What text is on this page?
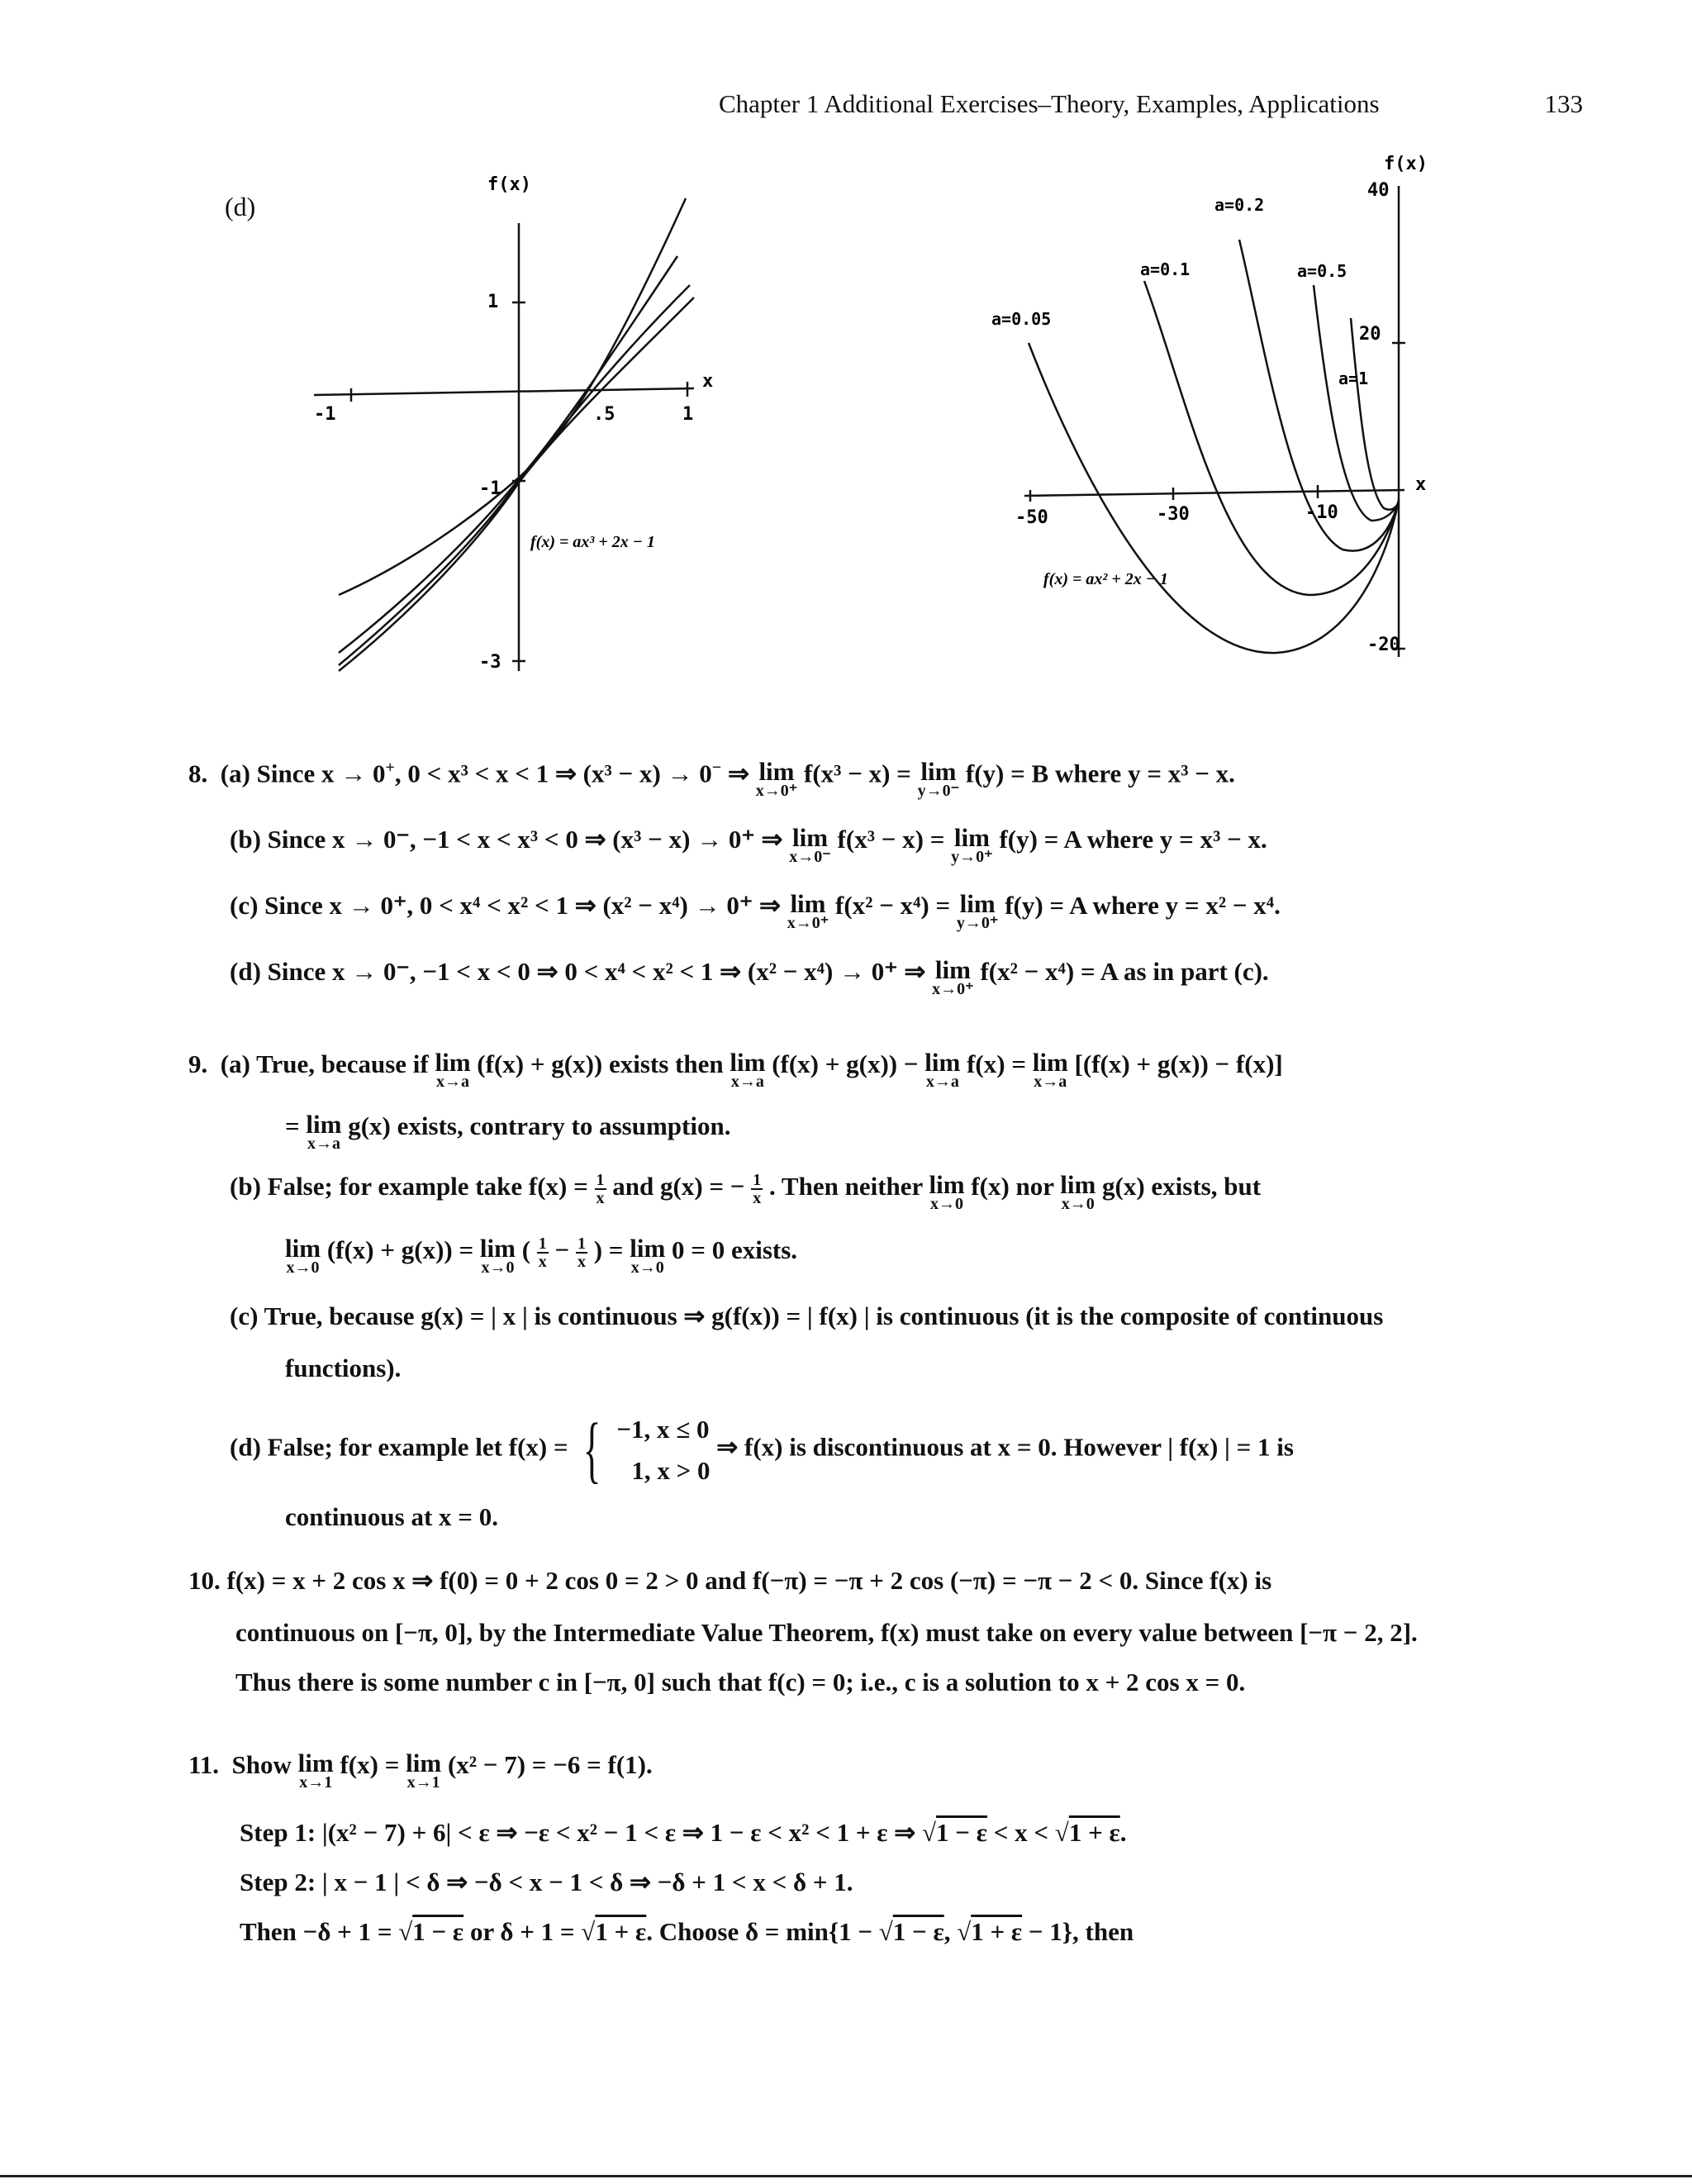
Chapter 1 Additional Exercises–Theory, Examples, Applications	133
(d)
f(x)
x
-1	.5	1
1
-1
-3
f(x) = ax³ + 2x − 1
f(x)
x
-50	-30	-10
40
20
-20
a=0.05
a=0.1
a=0.2
a=0.5
a=1
f(x) = ax² + 2x − 1
8. (a) Since x → 0+, 0 < x³ < x < 1 ⇒ (x³ − x) → 0− ⇒ lim
x→0⁺
f(x³ − x) = lim
y→0⁻
f(y) = B where y = x³ − x.
(b) Since x → 0⁻, −1 < x < x³ < 0 ⇒ (x³ − x) → 0⁺ ⇒ lim
x→0⁻
f(x³ − x) = lim
y→0⁺
f(y) = A where y = x³ − x.
(c) Since x → 0⁺, 0 < x⁴ < x² < 1 ⇒ (x² − x⁴) → 0⁺ ⇒ lim
x→0⁺
f(x² − x⁴) = lim
y→0⁺
f(y) = A where y = x² − x⁴.
(d) Since x → 0⁻, −1 < x < 0 ⇒ 0 < x⁴ < x² < 1 ⇒ (x² − x⁴) → 0⁺ ⇒ lim
x→0⁺
f(x² − x⁴) = A as in part (c).
9. (a) True, because if lim
x→a
(f(x) + g(x)) exists then lim
x→a
(f(x) + g(x)) − lim
x→a
f(x) = lim
x→a
[(f(x) + g(x)) − f(x)]
= lim
x→a
g(x) exists, contrary to assumption.
(b) False; for example take $f(x) = \frac{1}{x}$ and g(x) = − $\frac{1}{x}$ . Then neither lim
x→0
f(x) nor lim
x→0
g(x) exists, but
lim
x→0
(f(x) + g(x)) = lim
x→0
( $\frac{1}{x} - \frac{1}{x}$ ) = lim
x→0
0 = 0 exists.
(c) True, because g(x) = | x | is continuous ⇒ g(f(x)) = | f(x) | is continuous (it is the composite of continuous
functions).
(d) False; for example let f(x) = { −1, x ≤ 0
1, x > 0
⇒ f(x) is discontinuous at x = 0. However | f(x) | = 1 is
continuous at x = 0.
10. f(x) = x + 2 cos x ⇒ f(0) = 0 + 2 cos 0 = 2 > 0 and f(−π) = −π + 2 cos (−π) = −π − 2 < 0. Since f(x) is
continuous on [−π, 0], by the Intermediate Value Theorem, f(x) must take on every value between [−π − 2, 2].
Thus there is some number c in [−π, 0] such that f(c) = 0; i.e., c is a solution to x + 2 cos x = 0.
11. Show lim
x→1
f(x) = lim
x→1
(x² − 7) = −6 = f(1).
Step 1: |(x² − 7) + 6| < ε ⇒ −ε < x² − 1 < ε ⇒ 1 − ε < x² < 1 + ε ⇒ √1 − ε < x < √1 + ε.
Step 2: | x − 1 | < δ ⇒ −δ < x − 1 < δ ⇒ −δ + 1 < x < δ + 1.
Then −δ + 1 = √1 − ε or δ + 1 = √1 + ε. Choose δ = min{1 − √1 − ε, √1 + ε − 1}, then
